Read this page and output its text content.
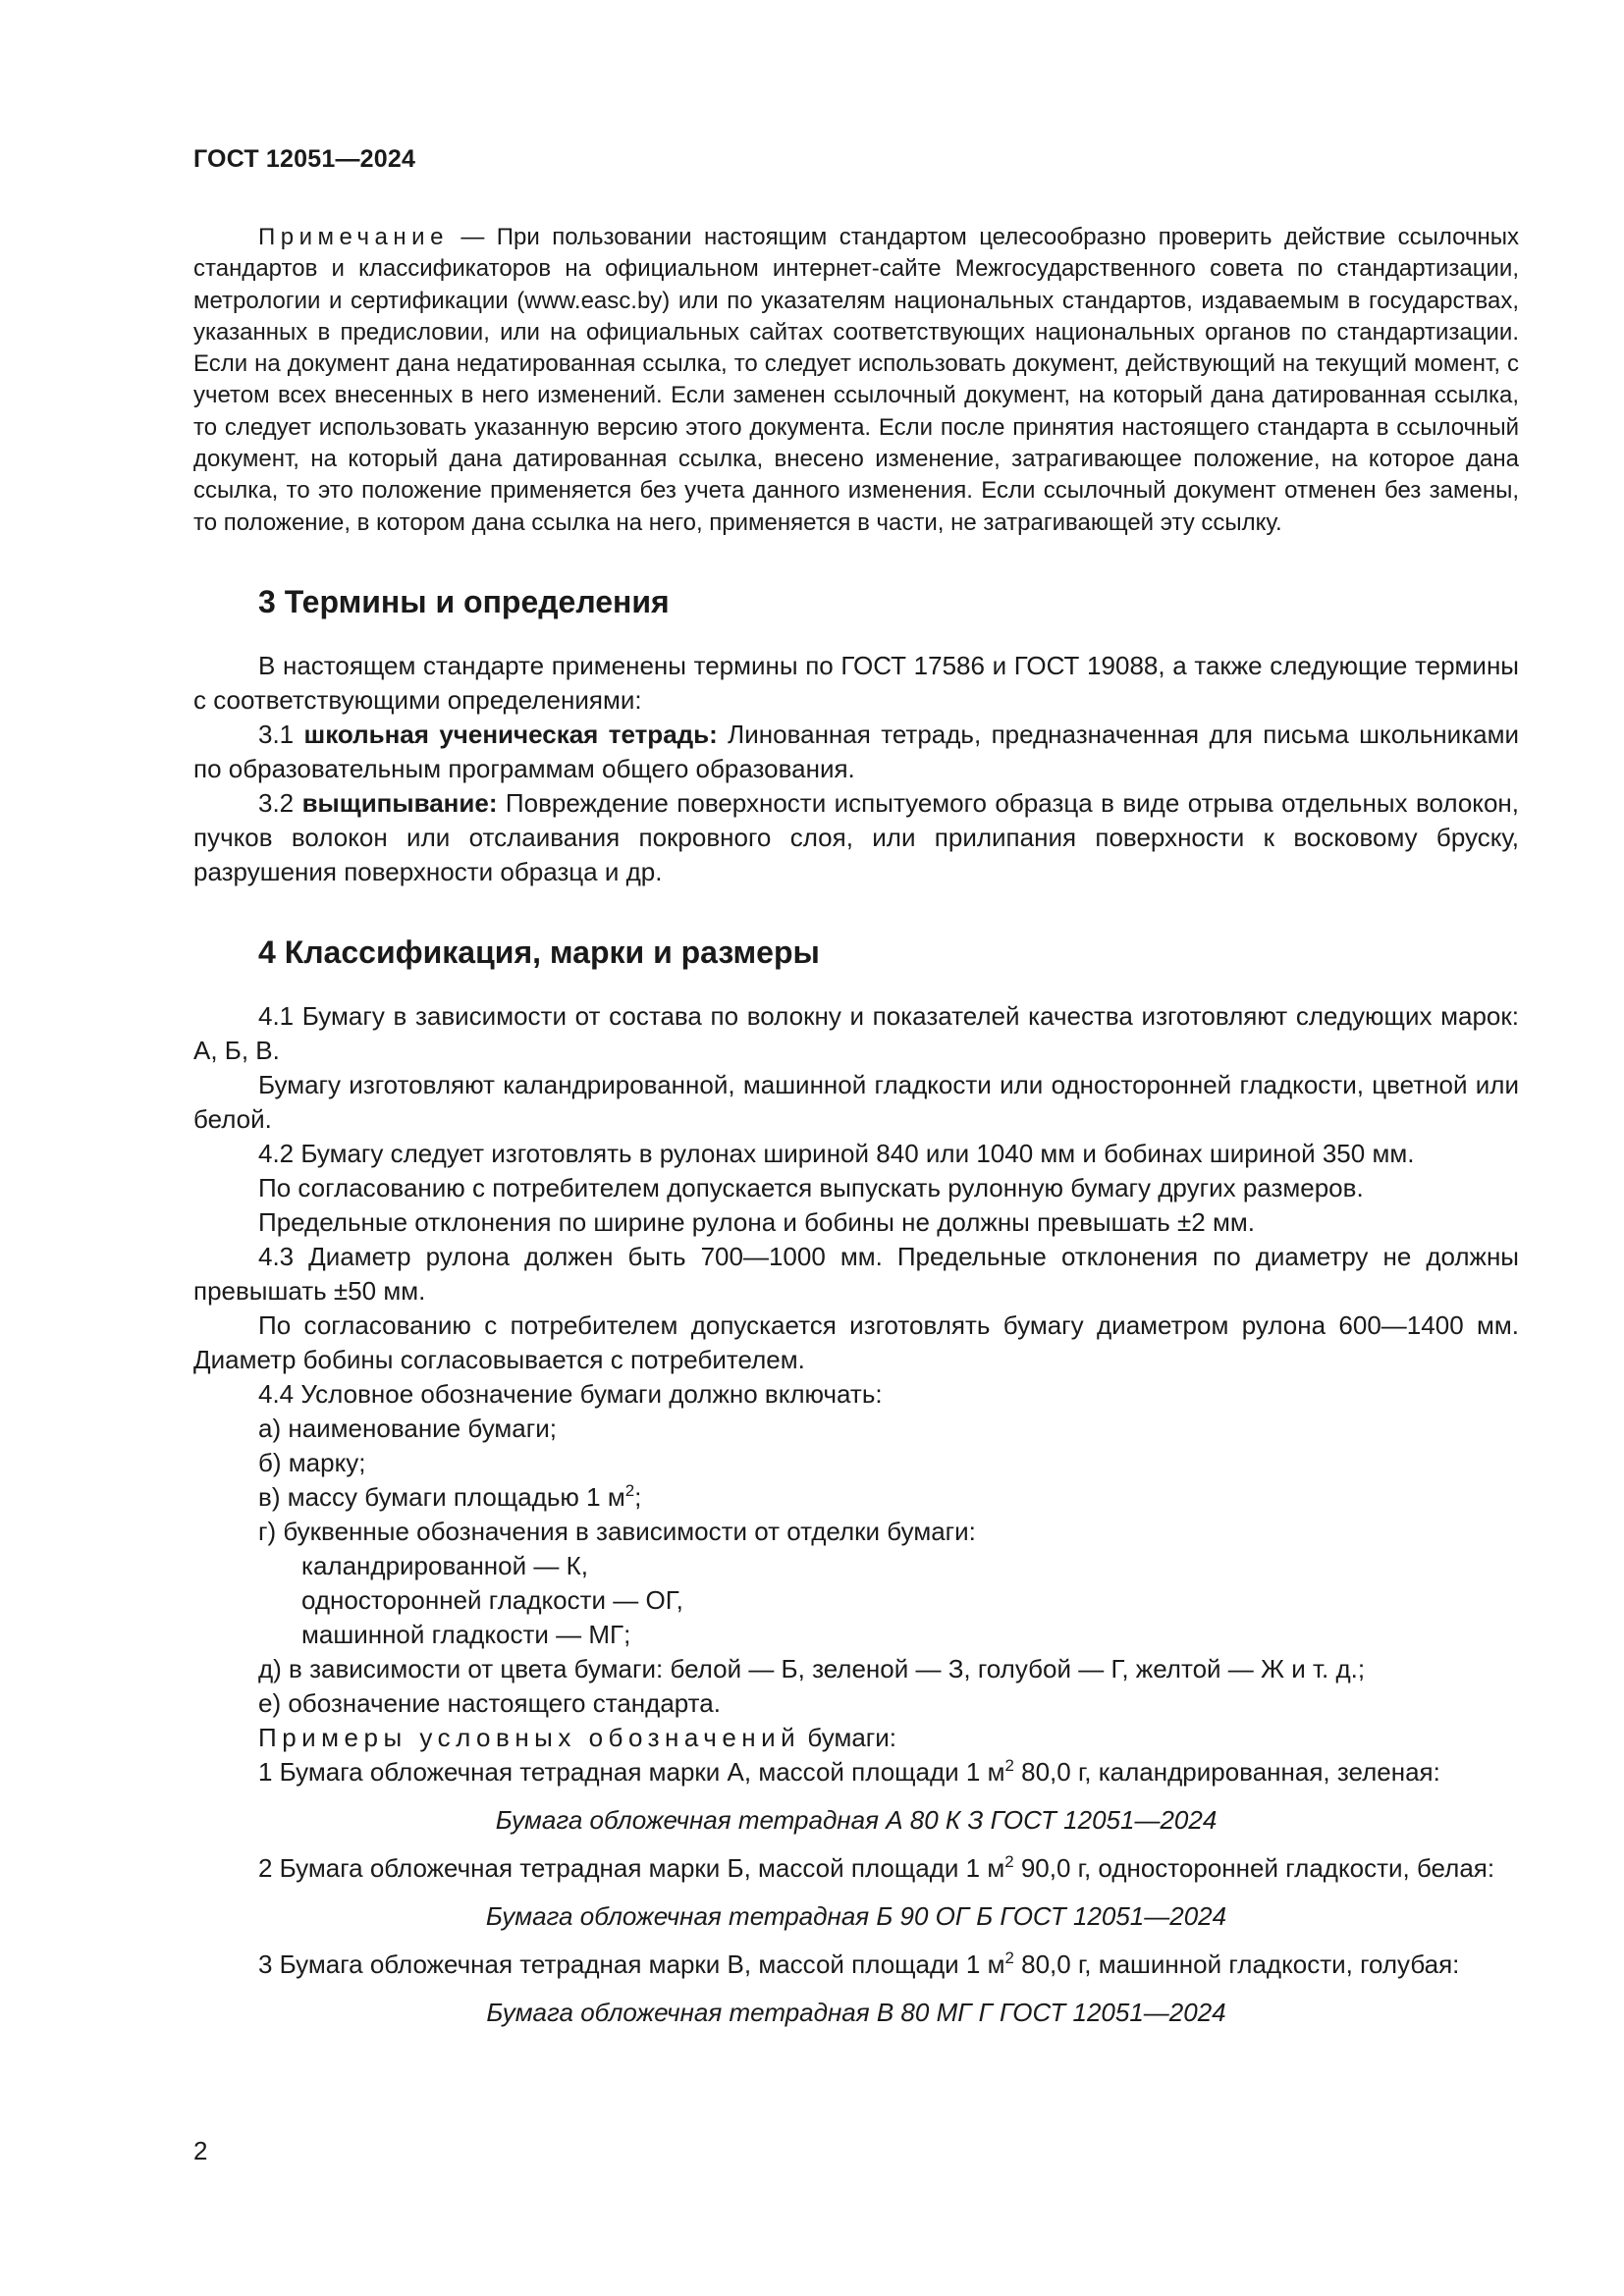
ГОСТ 12051—2024

Примечание — При пользовании настоящим стандартом целесообразно проверить действие ссылочных стандартов и классификаторов на официальном интернет-сайте Межгосударственного совета по стандартизации, метрологии и сертификации (www.easc.by) или по указателям национальных стандартов, издаваемым в государствах, указанных в предисловии, или на официальных сайтах соответствующих национальных органов по стандартизации. Если на документ дана недатированная ссылка, то следует использовать документ, действующий на текущий момент, с учетом всех внесенных в него изменений. Если заменен ссылочный документ, на который дана датированная ссылка, то следует использовать указанную версию этого документа. Если после принятия настоящего стандарта в ссылочный документ, на который дана датированная ссылка, внесено изменение, затрагивающее положение, на которое дана ссылка, то это положение применяется без учета данного изменения. Если ссылочный документ отменен без замены, то положение, в котором дана ссылка на него, применяется в части, не затрагивающей эту ссылку.

3 Термины и определения

В настоящем стандарте применены термины по ГОСТ 17586 и ГОСТ 19088, а также следующие термины с соответствующими определениями:

3.1 школьная ученическая тетрадь: Линованная тетрадь, предназначенная для письма школьниками по образовательным программам общего образования.

3.2 выщипывание: Повреждение поверхности испытуемого образца в виде отрыва отдельных волокон, пучков волокон или отслаивания покровного слоя, или прилипания поверхности к восковому бруску, разрушения поверхности образца и др.

4 Классификация, марки и размеры

4.1 Бумагу в зависимости от состава по волокну и показателей качества изготовляют следующих марок: А, Б, В.

Бумагу изготовляют каландрированной, машинной гладкости или односторонней гладкости, цветной или белой.

4.2 Бумагу следует изготовлять в рулонах шириной 840 или 1040 мм и бобинах шириной 350 мм.

По согласованию с потребителем допускается выпускать рулонную бумагу других размеров.

Предельные отклонения по ширине рулона и бобины не должны превышать ±2 мм.

4.3 Диаметр рулона должен быть 700—1000 мм. Предельные отклонения по диаметру не должны превышать ±50 мм.

По согласованию с потребителем допускается изготовлять бумагу диаметром рулона 600—1400 мм. Диаметр бобины согласовывается с потребителем.

4.4 Условное обозначение бумаги должно включать:

а) наименование бумаги;

б) марку;

в) массу бумаги площадью 1 $м^2$;

г) буквенные обозначения в зависимости от отделки бумаги:

каландрированной — К,

односторонней гладкости — ОГ,

машинной гладкости — МГ;

д) в зависимости от цвета бумаги: белой — Б, зеленой — З, голубой — Г, желтой — Ж и т. д.;

е) обозначение настоящего стандарта.

Примеры условных обозначений бумаги:

1 Бумага обложечная тетрадная марки А, массой площади 1 $м^2$ 80,0 г, каландрированная, зеленая:

Бумага обложечная тетрадная А 80 К З ГОСТ 12051—2024

2 Бумага обложечная тетрадная марки Б, массой площади 1 $м^2$ 90,0 г, односторонней гладкости, белая:

Бумага обложечная тетрадная Б 90 ОГ Б ГОСТ 12051—2024

3 Бумага обложечная тетрадная марки В, массой площади 1 $м^2$ 80,0 г, машинной гладкости, голубая:

Бумага обложечная тетрадная В 80 МГ Г ГОСТ 12051—2024

2
